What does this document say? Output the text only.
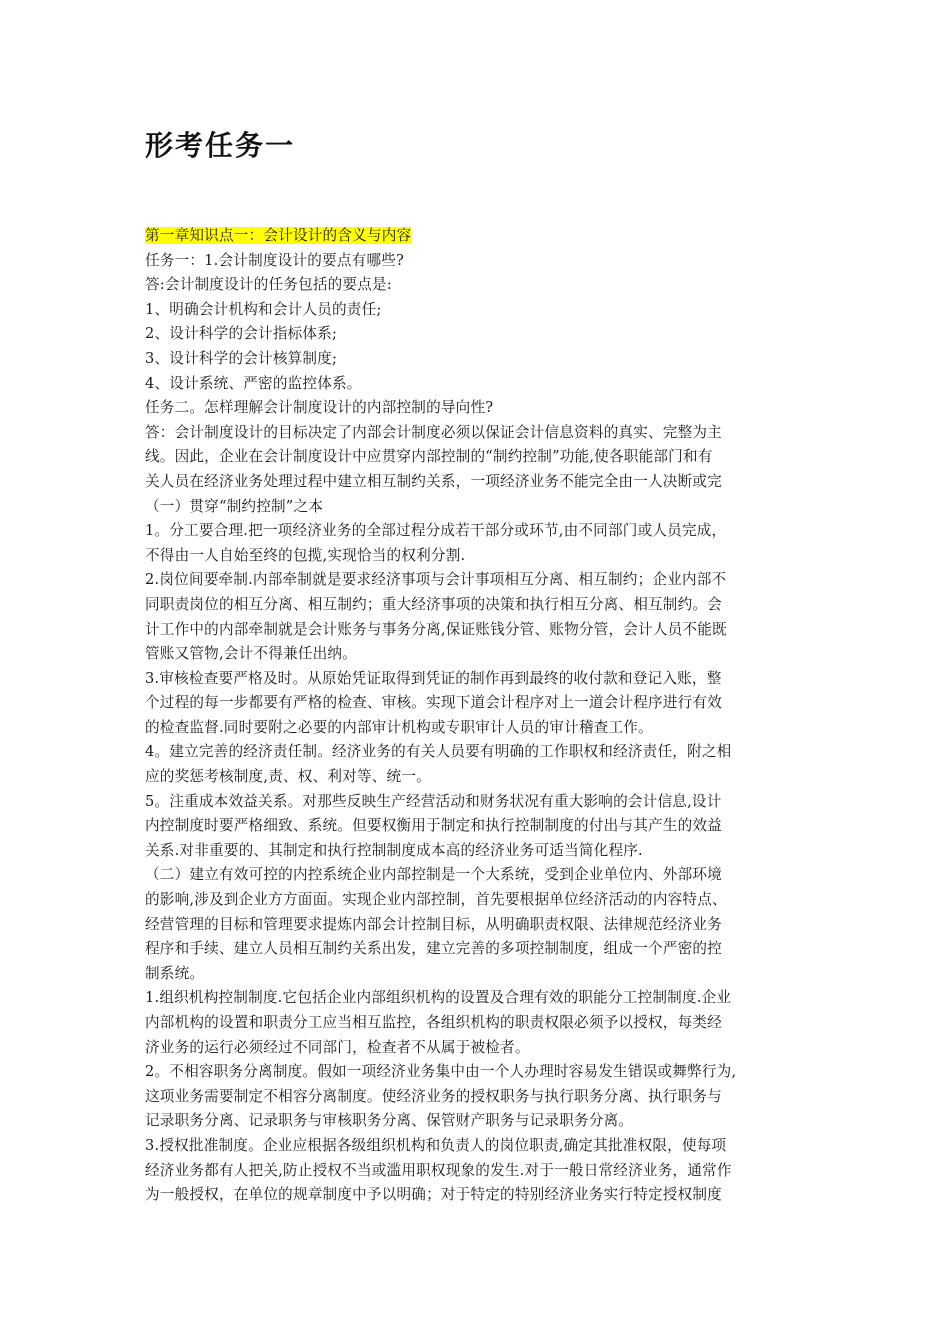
形考任务一
第一章知识点一：会计设计的含义与内容
任务一：1.会计制度设计的要点有哪些?
答:会计制度设计的任务包括的要点是:
1、明确会计机构和会计人员的责任;
2、设计科学的会计指标体系;
3、设计科学的会计核算制度;
4、设计系统、严密的监控体系。
任务二。怎样理解会计制度设计的内部控制的导向性?
答：会计制度设计的目标决定了内部会计制度必须以保证会计信息资料的真实、完整为主
线。因此，企业在会计制度设计中应贯穿内部控制的“制约控制”功能,使各职能部门和有
关人员在经济业务处理过程中建立相互制约关系，一项经济业务不能完全由一人决断或完
（一）贯穿“制约控制”之本
1。分工要合理.把一项经济业务的全部过程分成若干部分或环节,由不同部门或人员完成，
不得由一人自始至终的包揽,实现恰当的权利分割.
2.岗位间要牵制.内部牵制就是要求经济事项与会计事项相互分离、相互制约；企业内部不
同职责岗位的相互分离、相互制约；重大经济事项的决策和执行相互分离、相互制约。会
计工作中的内部牵制就是会计账务与事务分离,保证账钱分管、账物分管，会计人员不能既
管账又管物,会计不得兼任出纳。
3.审核检查要严格及时。从原始凭证取得到凭证的制作再到最终的收付款和登记入账，整
个过程的每一步都要有严格的检查、审核。实现下道会计程序对上一道会计程序进行有效
的检查监督.同时要附之必要的内部审计机构或专职审计人员的审计稽查工作。
4。建立完善的经济责任制。经济业务的有关人员要有明确的工作职权和经济责任，附之相
应的奖惩考核制度,责、权、利对等、统一。
5。注重成本效益关系。对那些反映生产经营活动和财务状况有重大影响的会计信息,设计
内控制度时要严格细致、系统。但要权衡用于制定和执行控制制度的付出与其产生的效益
关系.对非重要的、其制定和执行控制制度成本高的经济业务可适当简化程序.
（二）建立有效可控的内控系统企业内部控制是一个大系统，受到企业单位内、外部环境
的影响,涉及到企业方方面面。实现企业内部控制，首先要根据单位经济活动的内容特点、
经营管理的目标和管理要求提炼内部会计控制目标，从明确职责权限、法律规范经济业务
程序和手续、建立人员相互制约关系出发，建立完善的多项控制制度，组成一个严密的控
制系统。
1.组织机构控制制度.它包括企业内部组织机构的设置及合理有效的职能分工控制制度.企业
内部机构的设置和职责分工应当相互监控，各组织机构的职责权限必须予以授权，每类经
济业务的运行必须经过不同部门，检查者不从属于被检者。
2。不相容职务分离制度。假如一项经济业务集中由一个人办理时容易发生错误或舞弊行为,
这项业务需要制定不相容分离制度。使经济业务的授权职务与执行职务分离、执行职务与
记录职务分离、记录职务与审核职务分离、保管财产职务与记录职务分离。
3.授权批准制度。企业应根据各级组织机构和负责人的岗位职责,确定其批准权限，使每项
经济业务都有人把关,防止授权不当或滥用职权现象的发生.对于一般日常经济业务，通常作
为一般授权，在单位的规章制度中予以明确；对于特定的特别经济业务实行特定授权制度
